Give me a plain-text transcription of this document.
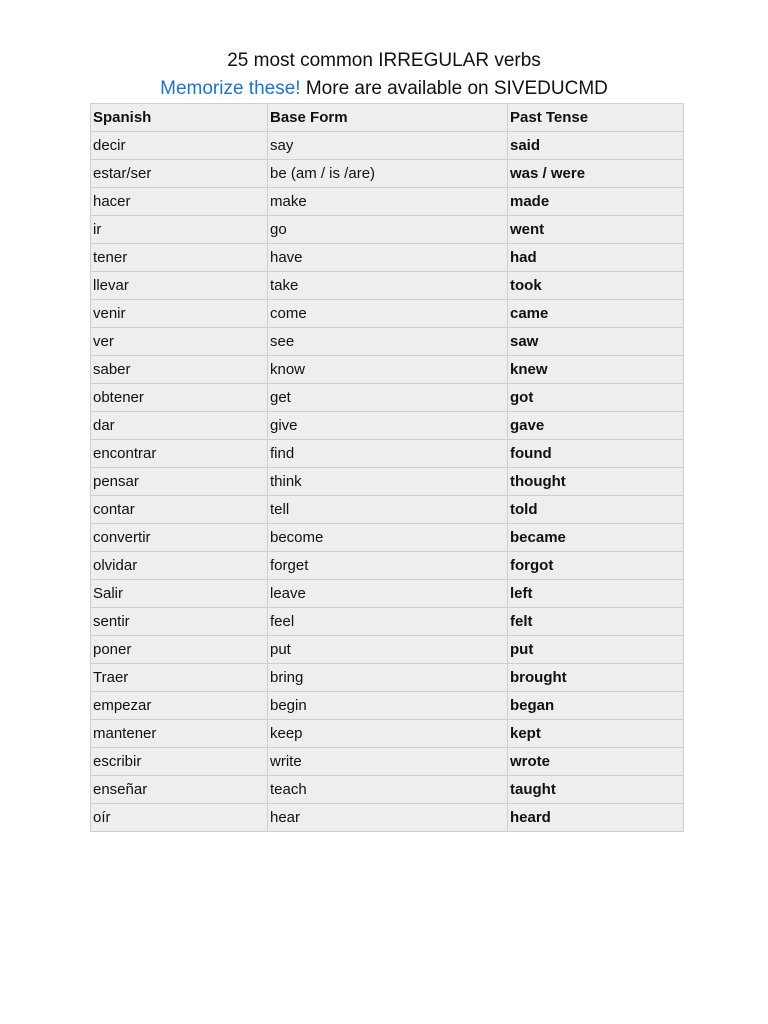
25 most common IRREGULAR verbs
Memorize these! More are available on SIVEDUCMD
Spanish	Base Form	Past Tense
decir	say	said
estar/ser	be (am / is /are)	was / were
hacer	make	made
ir	go	went
tener	have	had
llevar	take	took
venir	come	came
ver	see	saw
saber	know	knew
obtener	get	got
dar	give	gave
encontrar	find	found
pensar	think	thought
contar	tell	told
convertir	become	became
olvidar	forget	forgot
Salir	leave	left
sentir	feel	felt
poner	put	put
Traer	bring	brought
empezar	begin	began
mantener	keep	kept
escribir	write	wrote
enseñar	teach	taught
oír	hear	heard
